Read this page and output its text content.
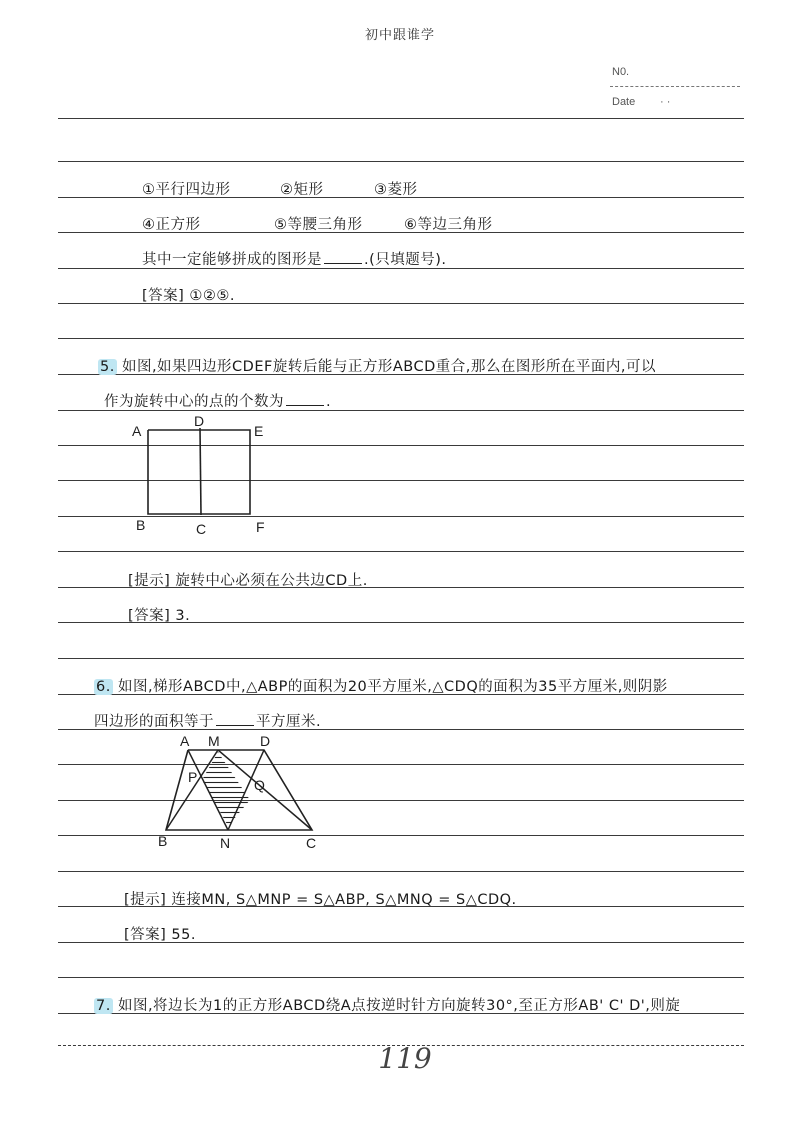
初中跟谁学
N0.
Date · ·
①平行四边形	②矩形	③菱形
④正方形	⑤等腰三角形	⑥等边三角形
其中一定能够拼成的图形是	.(只填题号).
[答案] ①②⑤.
5. 如图,如果四边形CDEF旋转后能与正方形ABCD重合,那么在图形所在平面内,可以
作为旋转中心的点的个数为	.
A
D
E
B	C	F
[提示] 旋转中心必须在公共边CD上.
[答案] 3.
6. 如图,梯形ABCD中,△ABP的面积为20平方厘米,△CDQ的面积为35平方厘米,则阴影
四边形的面积等于	平方厘米.
A M	D
P	Q
B	N	C
[提示] 连接MN, S△MNP = S△ABP, S△MNQ = S△CDQ.
[答案] 55.
7. 如图,将边长为1的正方形ABCD绕A点按逆时针方向旋转30°,至正方形AB' C' D',则旋
119
